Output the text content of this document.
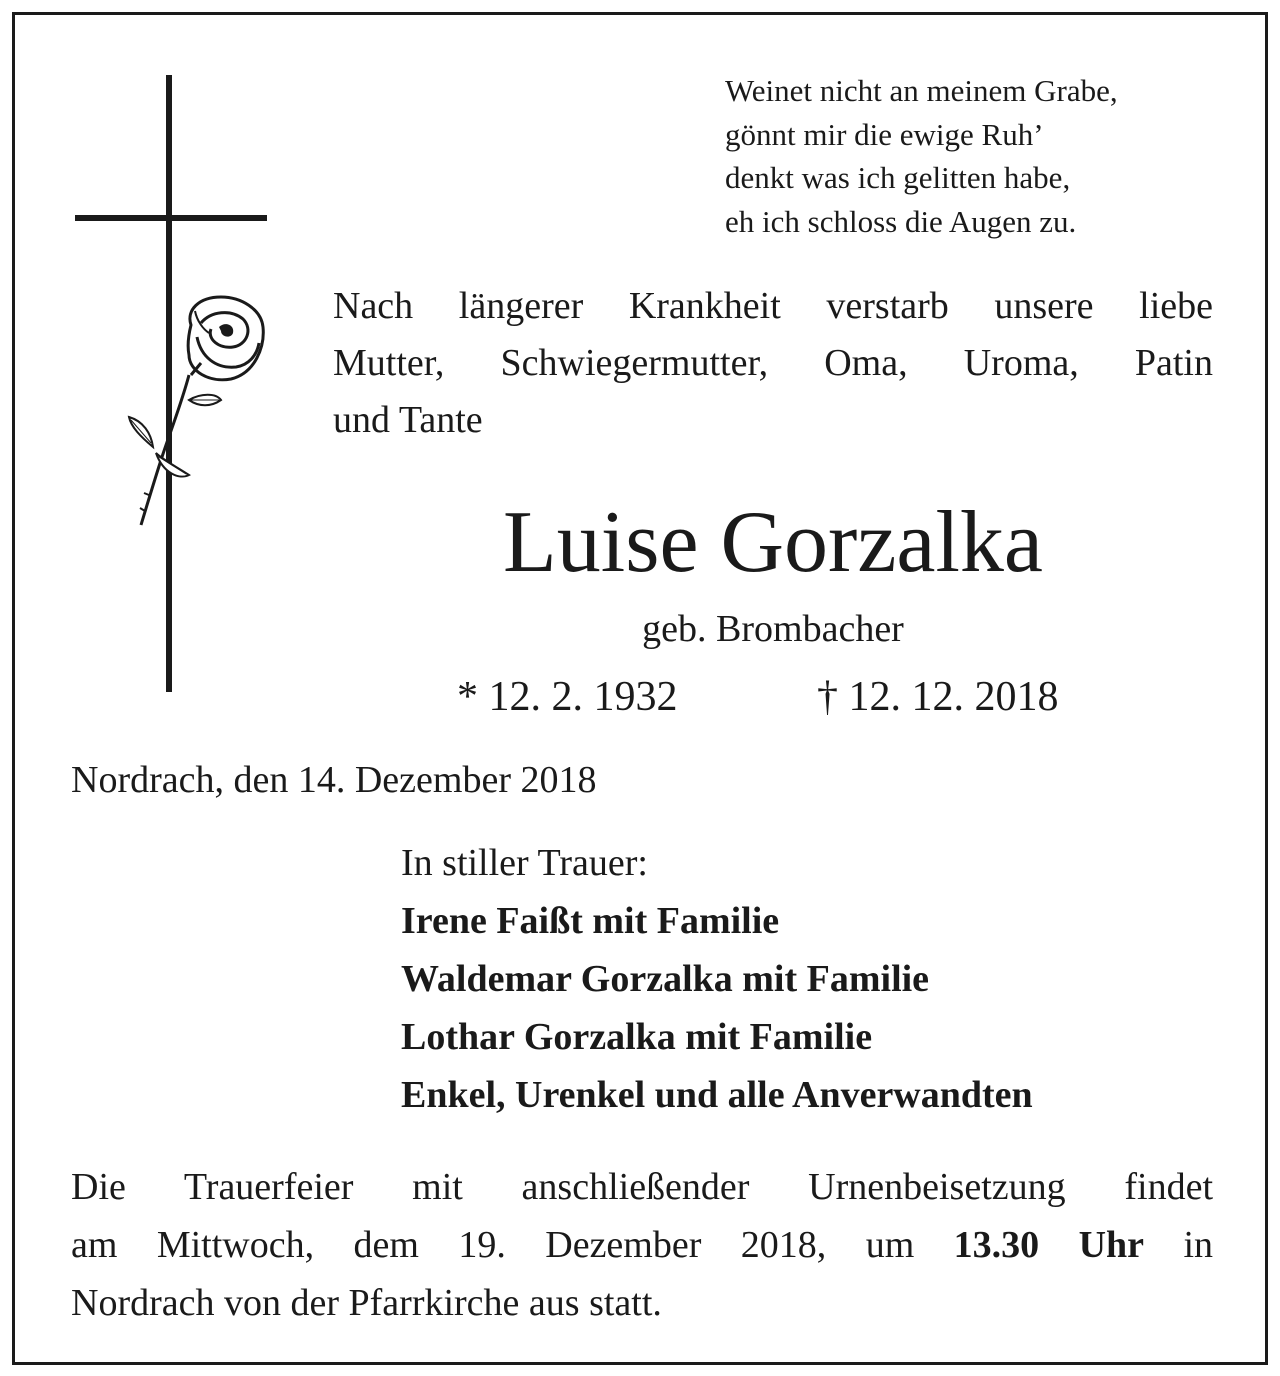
Weinet nicht an meinem Grabe,
gönnt mir die ewige Ruh’
denkt was ich gelitten habe,
eh ich schloss die Augen zu.
Nach längerer Krankheit verstarb unsere liebe
Mutter, Schwiegermutter, Oma, Uroma, Patin
und Tante
Luise Gorzalka
geb. Brombacher
* 12. 2. 1932	† 12. 12. 2018
Nordrach, den 14. Dezember 2018
In stiller Trauer:
Irene Faißt mit Familie
Waldemar Gorzalka mit Familie
Lothar Gorzalka mit Familie
Enkel, Urenkel und alle Anverwandten
Die Trauerfeier mit anschließender Urnenbeisetzung findet
am Mittwoch, dem 19. Dezember 2018, um 13.30 Uhr in
Nordrach von der Pfarrkirche aus statt.
